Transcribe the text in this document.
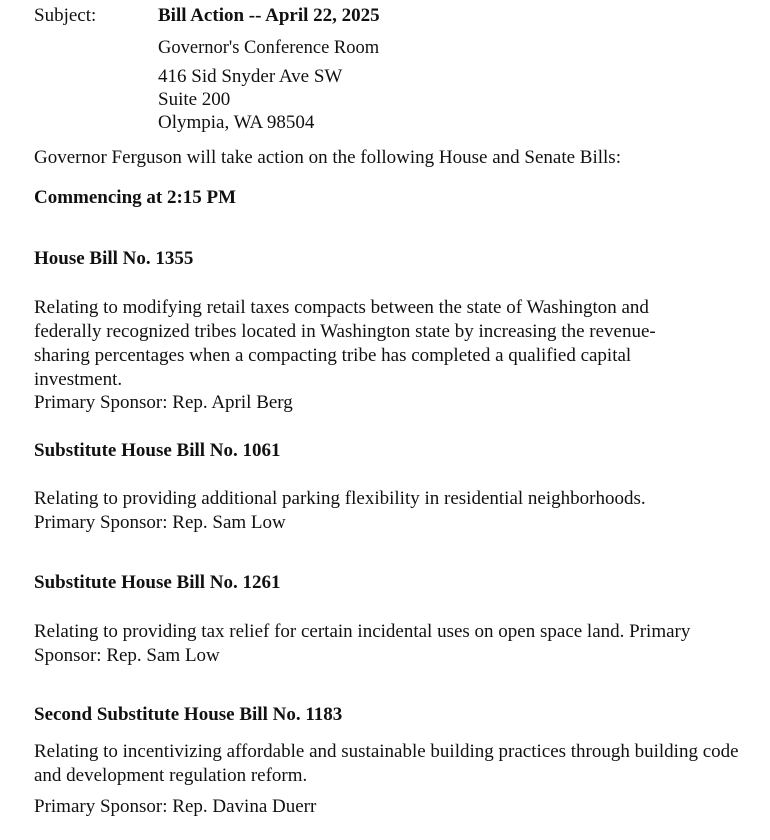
Subject:	Bill Action -- April 22, 2025
Governor's Conference Room
416 Sid Snyder Ave SW
Suite 200
Olympia, WA 98504
Governor Ferguson will take action on the following House and Senate Bills:
Commencing at 2:15 PM
House Bill No. 1355
Relating to modifying retail taxes compacts between the state of Washington and federally recognized tribes located in Washington state by increasing the revenue-sharing percentages when a compacting tribe has completed a qualified capital investment.
Primary Sponsor: Rep. April Berg
Substitute House Bill No. 1061
Relating to providing additional parking flexibility in residential neighborhoods.
Primary Sponsor: Rep. Sam Low
Substitute House Bill No. 1261
Relating to providing tax relief for certain incidental uses on open space land. Primary Sponsor: Rep. Sam Low
Second Substitute House Bill No. 1183
Relating to incentivizing affordable and sustainable building practices through building code and development regulation reform.
Primary Sponsor: Rep. Davina Duerr
